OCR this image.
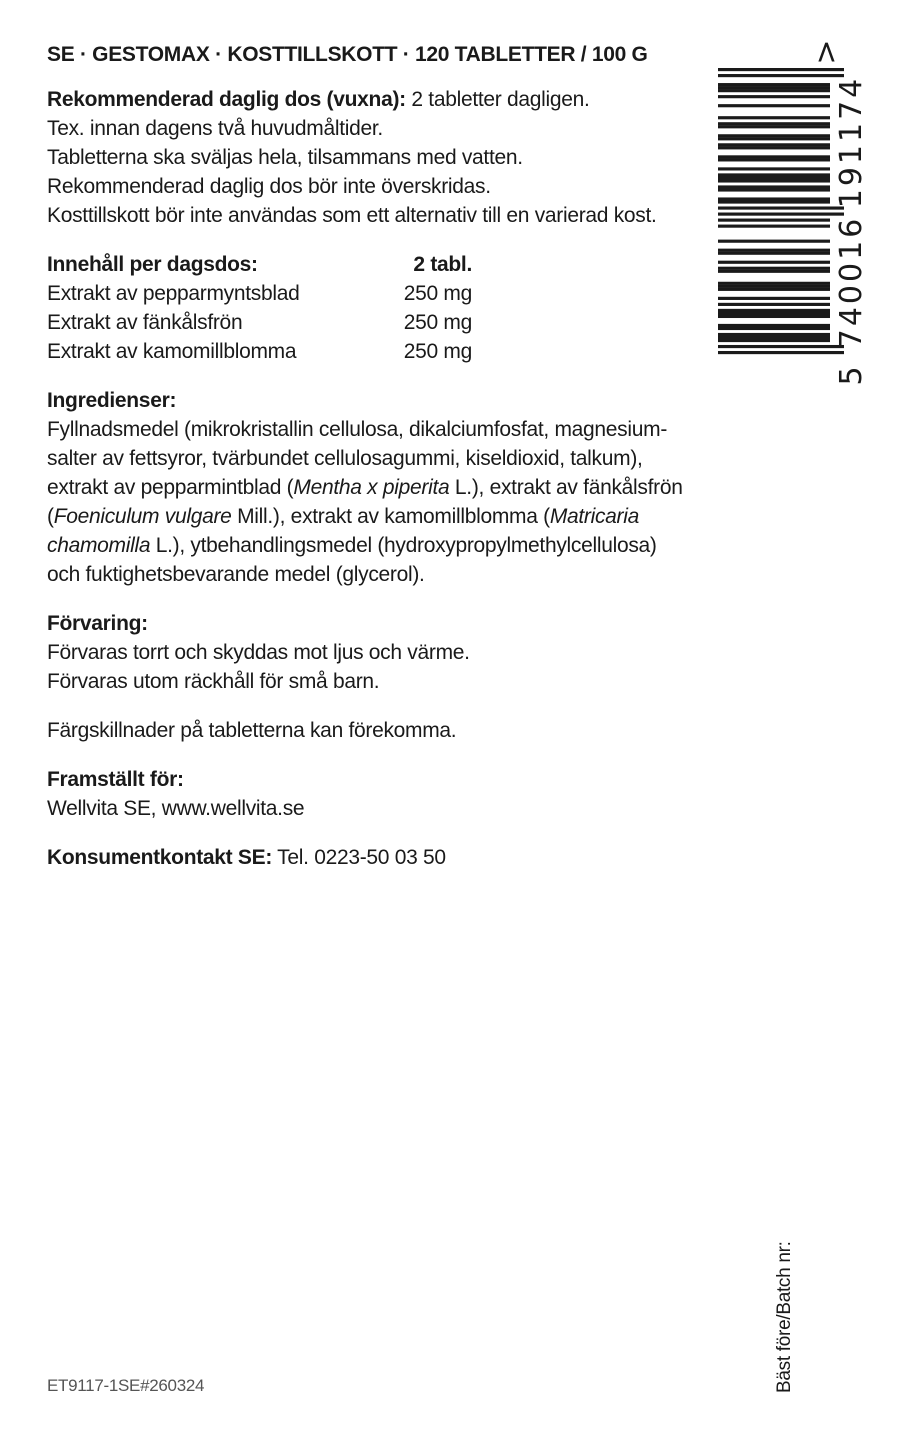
SE · GESTOMAX · KOSTTILLSKOTT · 120 TABLETTER / 100 G

Rekommenderad daglig dos (vuxna): 2 tabletter dagligen.

Tex. innan dagens två huvudmåltider.

Tabletterna ska sväljas hela, tilsammans med vatten.

Rekommenderad daglig dos bör inte överskridas.

Kosttillskott bör inte användas som ett alternativ till en varierad kost.

Innehåll per dagsdos:	2 tabl.
Extrakt av pepparmyntsblad	250 mg
Extrakt av fänkålsfrön	250 mg
Extrakt av kamomillblomma	250 mg

Ingredienser:

Fyllnadsmedel (mikrokristallin cellulosa, dikalciumfosfat, magnesium-

salter av fettsyror, tvärbundet cellulosagummi, kiseldioxid, talkum),

extrakt av pepparmintblad (Mentha x piperita L.), extrakt av fänkålsfrön

(Foeniculum vulgare Mill.), extrakt av kamomillblomma (Matricaria

chamomilla L.), ytbehandlingsmedel (hydroxypropylmethylcellulosa)

och fuktighetsbevarande medel (glycerol).

Förvaring:

Förvaras torrt och skyddas mot ljus och värme.

Förvaras utom räckhåll för små barn.

Färgskillnader på tabletterna kan förekomma.

Framställt för:

Wellvita SE, www.wellvita.se

Konsumentkontakt SE: Tel. 0223-50 03 50

>
5
740016
191174
Bäst före/Batch nr:
ET9117-1SE#260324
